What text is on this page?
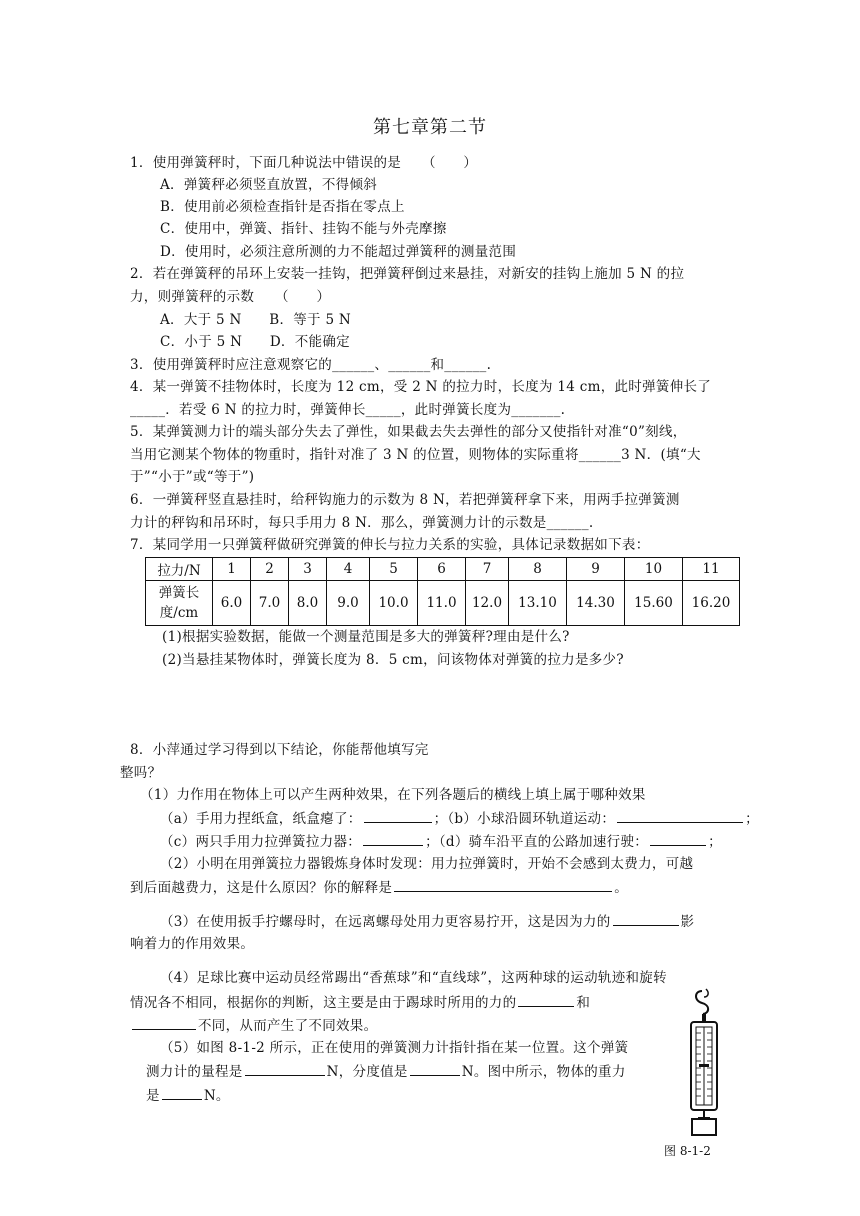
第七章第二节
1．使用弹簧秤时，下面几种说法中错误的是　　（　　）
A．弹簧秤必须竖直放置，不得倾斜
B．使用前必须检查指针是否指在零点上
C．使用中，弹簧、指针、挂钩不能与外壳摩擦
D．使用时，必须注意所测的力不能超过弹簧秤的测量范围
2．若在弹簧秤的吊环上安装一挂钩，把弹簧秤倒过来悬挂，对新安的挂钩上施加 5 N 的拉
力，则弹簧秤的示数　　（　　）
A．大于 5 N　　B．等于 5 N
C．小于 5 N　　D．不能确定
3．使用弹簧秤时应注意观察它的______、______和______.
4．某一弹簧不挂物体时，长度为 12 cm，受 2 N 的拉力时，长度为 14 cm，此时弹簧伸长了
_____．若受 6 N 的拉力时，弹簧伸长_____，此时弹簧长度为_______.
5．某弹簧测力计的端头部分失去了弹性，如果截去失去弹性的部分又使指针对准“0”刻线，
当用它测某个物体的物重时，指针对准了 3 N 的位置，则物体的实际重将______3 N．(填“大
于”“小于”或“等于”)
6．一弹簧秤竖直悬挂时，给秤钩施力的示数为 8 N，若把弹簧秤拿下来，用两手拉弹簧测
力计的秤钩和吊环时，每只手用力 8 N．那么，弹簧测力计的示数是______.
7．某同学用一只弹簧秤做研究弹簧的伸长与拉力关系的实验，具体记录数据如下表：
拉力/N	1	2	3	4	5	6	7	8	9	10	11
弹簧长
度/cm	6.0	7.0	8.0	9.0	10.0	11.0	12.0	13.10	14.30	15.60	16.20
(1)根据实验数据，能做一个测量范围是多大的弹簧秤?理由是什么?
(2)当悬挂某物体时，弹簧长度为 8．5 cm，问该物体对弹簧的拉力是多少?
8．小萍通过学习得到以下结论，你能帮他填写完
整吗？
（1）力作用在物体上可以产生两种效果，在下列各题后的横线上填上属于哪种效果
（a）手用力捏纸盒，纸盒瘪了：	；（b）小球沿圆环轨道运动：	；
（c）两只手用力拉弹簧拉力器：	；（d）骑车沿平直的公路加速行驶：	；
（2）小明在用弹簧拉力器锻炼身体时发现：用力拉弹簧时，开始不会感到太费力，可越
到后面越费力，这是什么原因？你的解释是	。
（3）在使用扳手拧螺母时，在远离螺母处用力更容易拧开，这是因为力的	影
响着力的作用效果。
（4）足球比赛中运动员经常踢出“香蕉球”和“直线球”，这两种球的运动轨迹和旋转
情况各不相同，根据你的判断，这主要是由于踢球时所用的力的	和
不同，从而产生了不同效果。
（5）如图 8-1-2 所示，正在使用的弹簧测力计指针指在某一位置。这个弹簧
测力计的量程是	N，分度值是	N。图中所示，物体的重力
是	N。
图 8-1-2
